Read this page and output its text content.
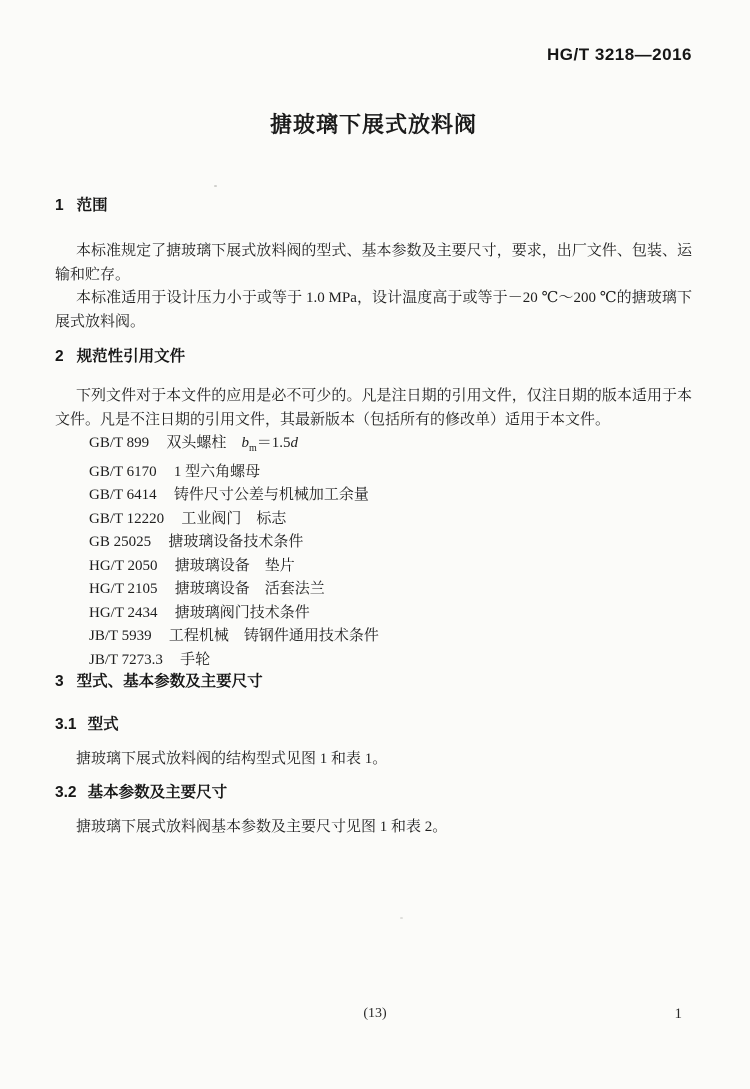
HG/T 3218—2016
搪玻璃下展式放料阀
1 范围

本标准规定了搪玻璃下展式放料阀的型式、基本参数及主要尺寸，要求，出厂文件、包装、运输和贮存。

本标准适用于设计压力小于或等于 1.0 MPa，设计温度高于或等于－20 ℃～200 ℃的搪玻璃下展式放料阀。

2 规范性引用文件

下列文件对于本文件的应用是必不可少的。凡是注日期的引用文件，仅注日期的版本适用于本文件。凡是不注日期的引用文件，其最新版本（包括所有的修改单）适用于本文件。

GB/T 899 双头螺柱　 $b_m=1.5d$
GB/T 6170 1 型六角螺母
GB/T 6414 铸件尺寸公差与机械加工余量
GB/T 12220 工业阀门　标志
GB 25025 搪玻璃设备技术条件
HG/T 2050 搪玻璃设备　垫片
HG/T 2105 搪玻璃设备　活套法兰
HG/T 2434 搪玻璃阀门技术条件
JB/T 5939 工程机械　铸钢件通用技术条件
JB/T 7273.3 手轮
3 型式、基本参数及主要尺寸
3.1 型式

搪玻璃下展式放料阀的结构型式见图 1 和表 1。

3.2 基本参数及主要尺寸

搪玻璃下展式放料阀基本参数及主要尺寸见图 1 和表 2。

(13)	1
